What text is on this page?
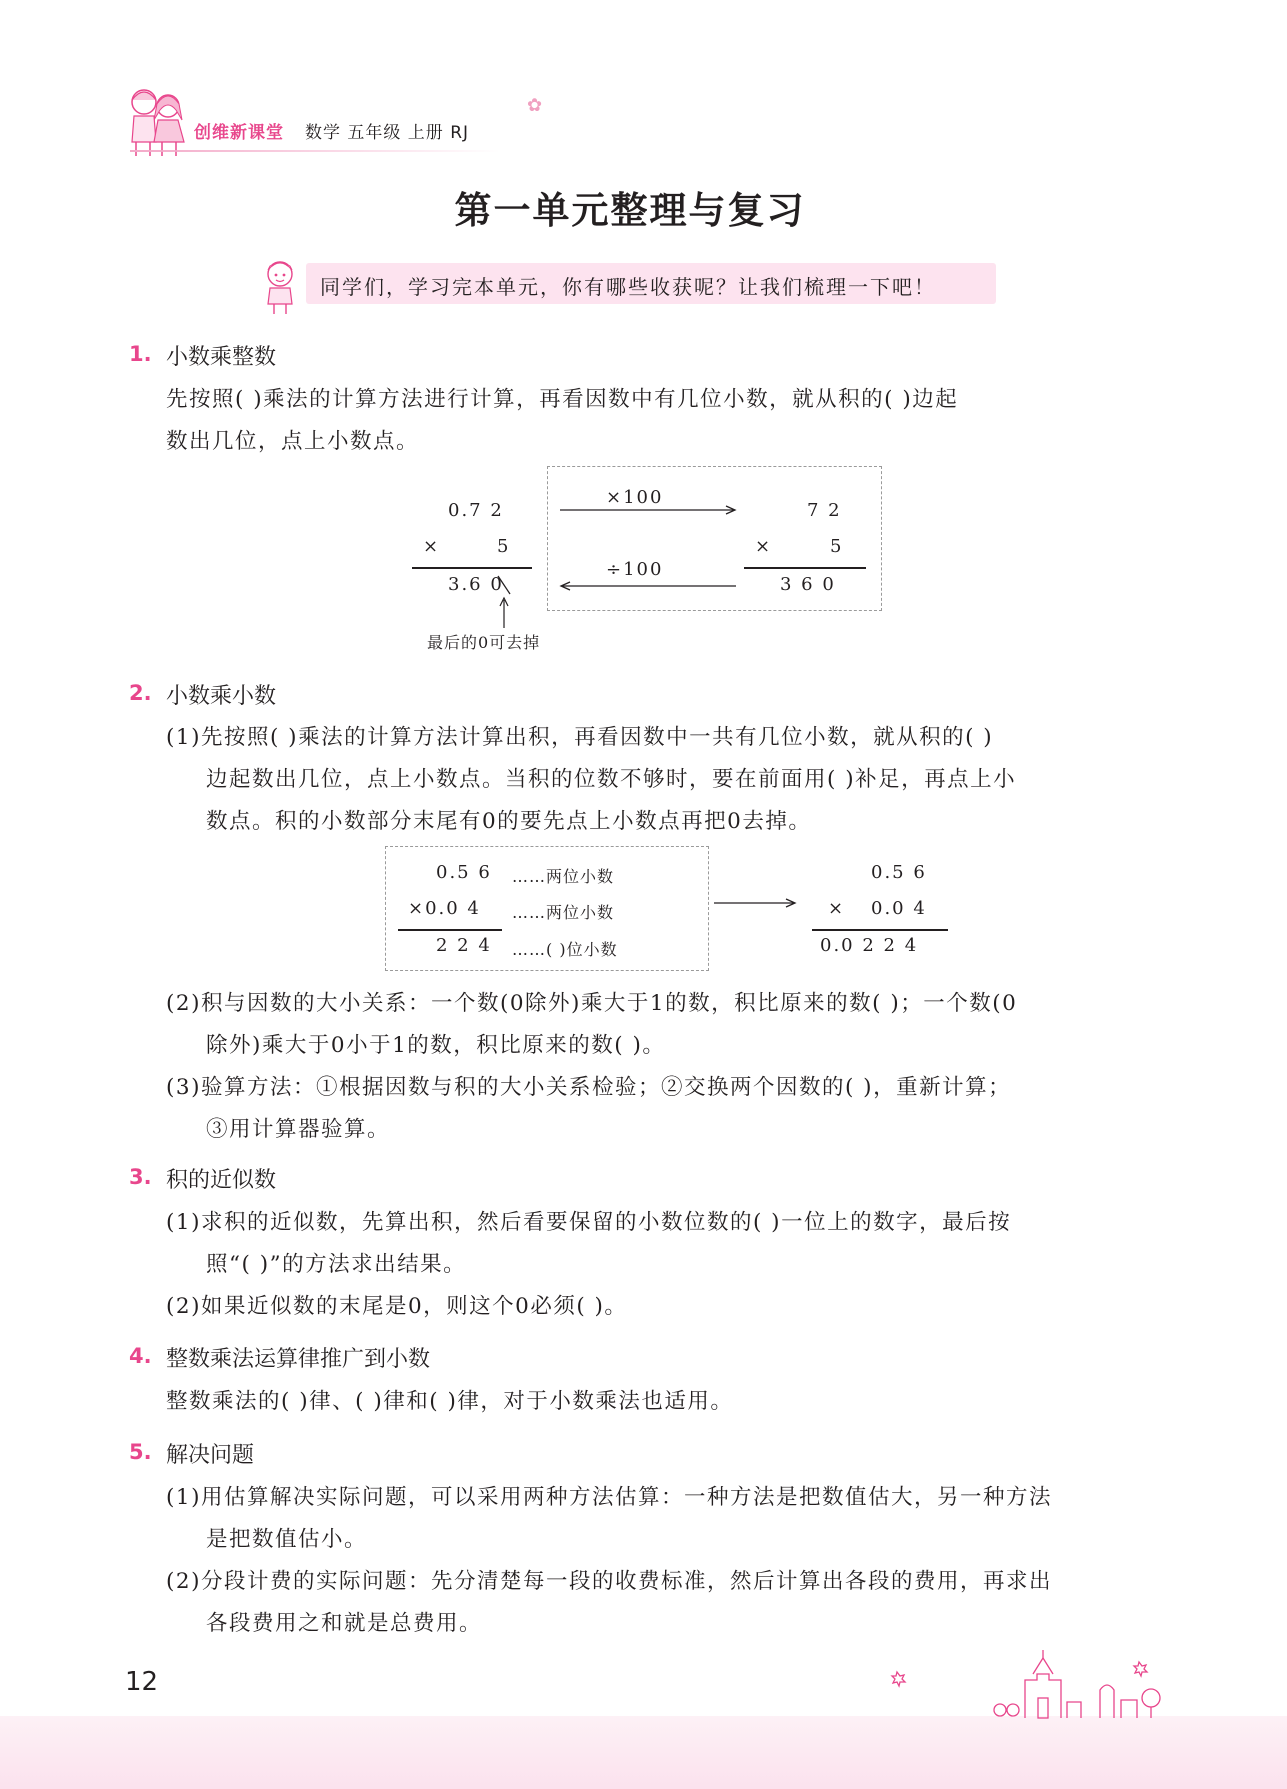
创维新课堂 数学 五年级 上册 RJ
✿
第一单元整理与复习
同学们，学习完本单元，你有哪些收获呢？让我们梳理一下吧！
1. 小数乘整数
先按照( )乘法的计算方法进行计算，再看因数中有几位小数，就从积的( )边起
数出几位，点上小数点。
0.7 2
×	5
3.6 0
最后的0可去掉
×100
÷100
7 2
×	5
3 6 0
2. 小数乘小数
(1)先按照( )乘法的计算方法计算出积，再看因数中一共有几位小数，就从积的( )
边起数出几位，点上小数点。当积的位数不够时，要在前面用( )补足，再点上小
数点。积的小数部分末尾有0的要先点上小数点再把0去掉。
0.5 6 ……两位小数
×0.0 4 ……两位小数
2 2 4 ……( )位小数
0.5 6
× 0.0 4
0.0 2 2 4
(2)积与因数的大小关系：一个数(0除外)乘大于1的数，积比原来的数( )；一个数(0
除外)乘大于0小于1的数，积比原来的数( )。
(3)验算方法：①根据因数与积的大小关系检验；②交换两个因数的( )，重新计算；
③用计算器验算。
3. 积的近似数
(1)求积的近似数，先算出积，然后看要保留的小数位数的( )一位上的数字，最后按
照“( )”的方法求出结果。
(2)如果近似数的末尾是0，则这个0必须( )。
4. 整数乘法运算律推广到小数
整数乘法的( )律、( )律和( )律，对于小数乘法也适用。
5. 解决问题
(1)用估算解决实际问题，可以采用两种方法估算：一种方法是把数值估大，另一种方法
是把数值估小。
(2)分段计费的实际问题：先分清楚每一段的收费标准，然后计算出各段的费用，再求出
各段费用之和就是总费用。
12
